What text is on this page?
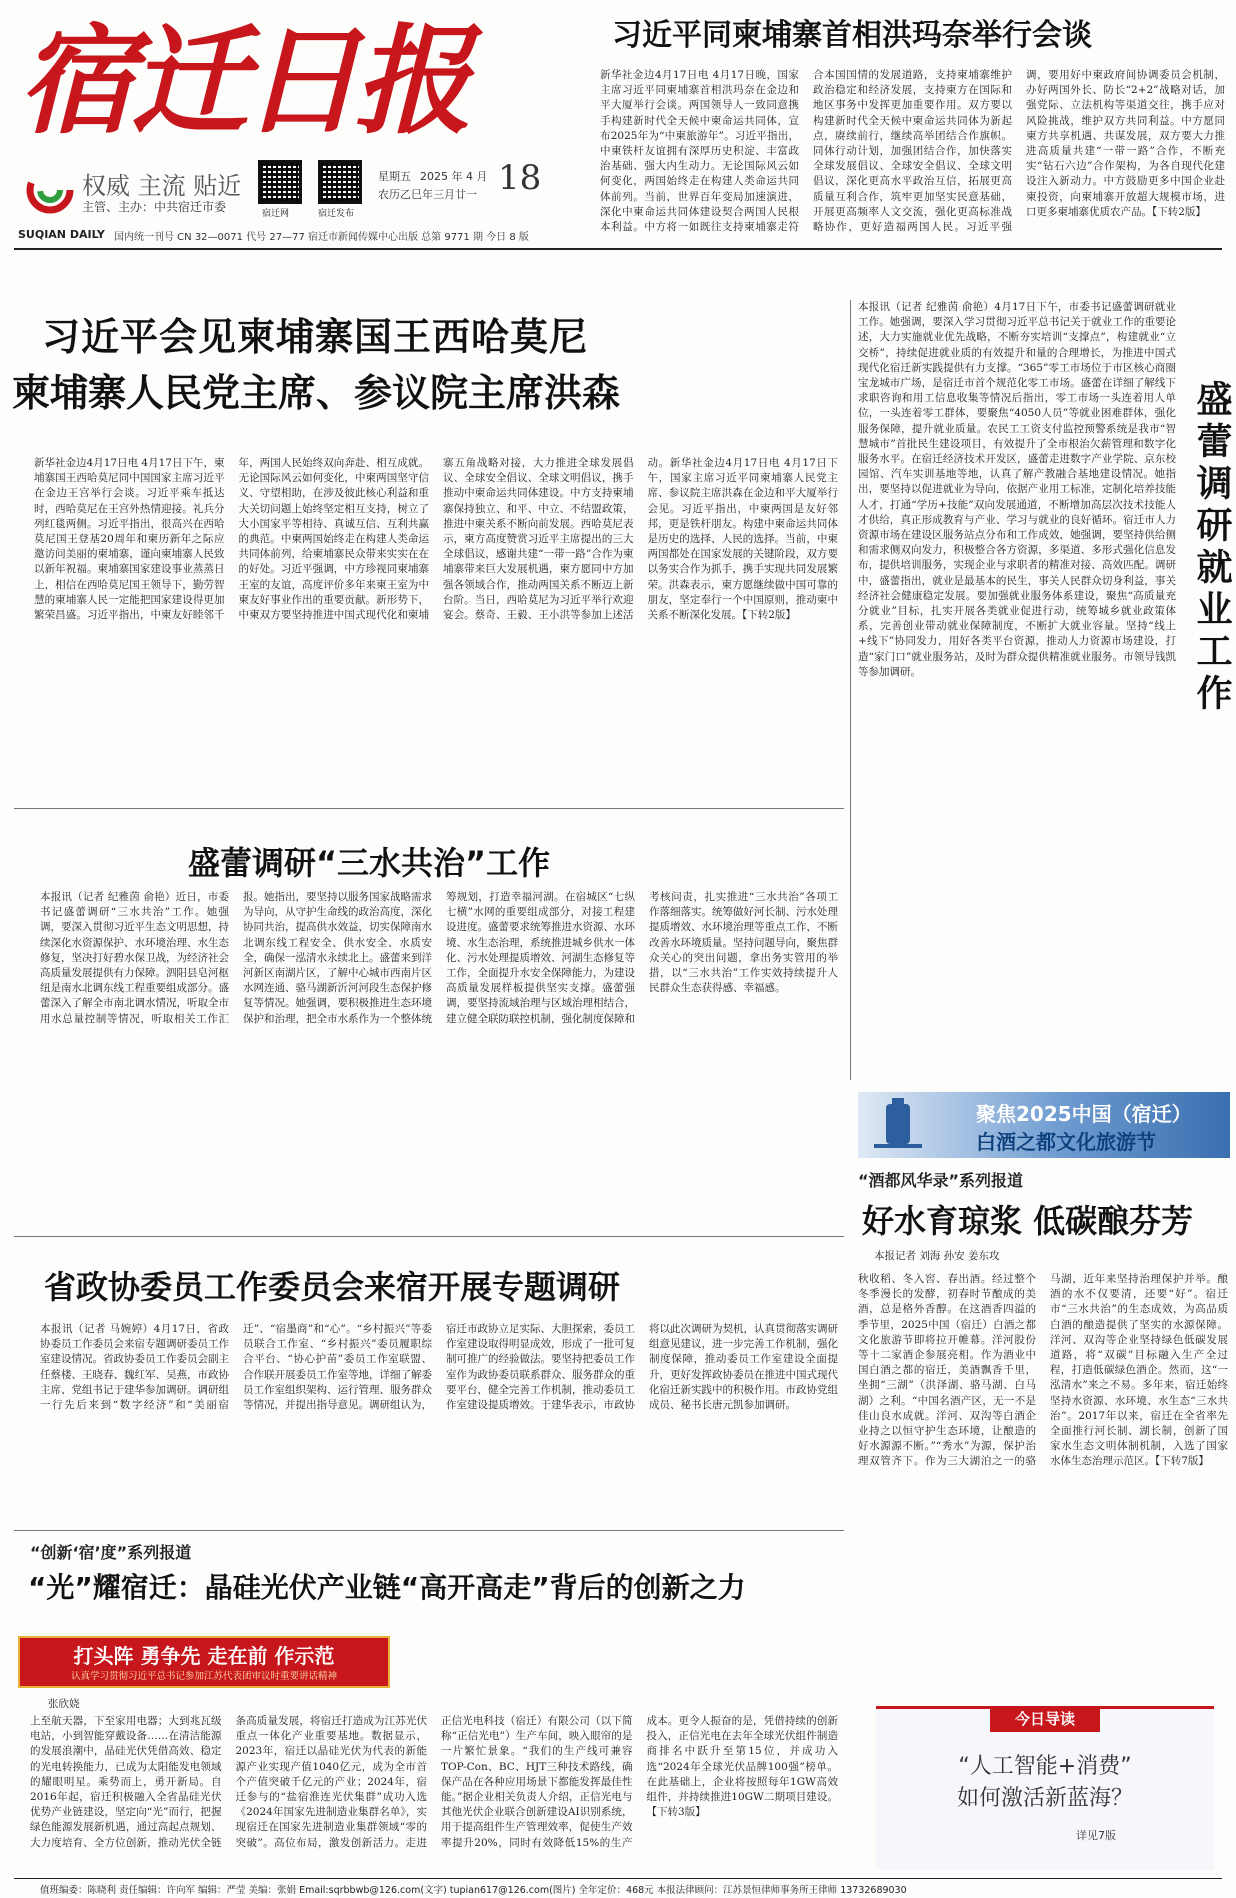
宿迁日报
权威 主流 贴近
主管、主办：中共宿迁市委	宿迁网	宿迁发布
星期五 2025 年 4 月
农历乙巳年三月廿一 18
SUQIAN DAILY 国内统一刊号 CN 32—0071 代号 27—77 宿迁市新闻传媒中心出版 总第 9771 期 今日 8 版
习近平同柬埔寨首相洪玛奈举行会谈
新华社金边4月17日电 4月17日晚，国家主席习近平同柬埔寨首相洪玛奈在金边和平大厦举行会谈。两国领导人一致同意携手构建新时代全天候中柬命运共同体，宣布2025年为“中柬旅游年”。习近平指出，中柬铁杆友谊拥有深厚历史积淀、丰富政治基础、强大内生动力。无论国际风云如何变化，两国始终走在构建人类命运共同体前列。当前，世界百年变局加速演进，深化中柬命运共同体建设契合两国人民根本利益。中方将一如既往支持柬埔寨走符合本国国情的发展道路，支持柬埔寨维护政治稳定和经济发展，支持柬方在国际和地区事务中发挥更加重要作用。双方要以构建新时代全天候中柬命运共同体为新起点，赓续前行，继续高举团结合作旗帜。同体行动计划，加强团结合作，加快落实全球发展倡议、全球安全倡议、全球文明倡议，深化更高水平政治互信，拓展更高质量互利合作，筑牢更加坚实民意基础，开展更高频率人文交流，强化更高标准战略协作，更好造福两国人民。习近平强调，要用好中柬政府间协调委员会机制，办好两国外长、防长“2+2”战略对话，加强党际、立法机构等渠道交往，携手应对风险挑战，维护双方共同利益。中方愿同柬方共享机遇、共谋发展，双方要大力推进高质量共建“一带一路”合作，不断充实“钻石六边”合作架构，为各自现代化建设注入新动力。中方鼓励更多中国企业赴柬投资，向柬埔寨开放超大规模市场，进口更多柬埔寨优质农产品。【下转2版】
习近平会见柬埔寨国王西哈莫尼
柬埔寨人民党主席、参议院主席洪森
新华社金边4月17日电 4月17日下午，柬埔寨国王西哈莫尼同中国国家主席习近平在金边王宫举行会谈。习近平乘车抵达时，西哈莫尼在王宫外热情迎接。礼兵分列红毯两侧。习近平指出，很高兴在西哈莫尼国王登基20周年和柬历新年之际应邀访问美丽的柬埔寨，谨向柬埔寨人民致以新年祝福。柬埔寨国家建设事业蒸蒸日上，相信在西哈莫尼国王领导下，勤劳智慧的柬埔寨人民一定能把国家建设得更加繁荣昌盛。习近平指出，中柬友好睦邻千年，两国人民始终双向奔赴、相互成就。无论国际风云如何变化，中柬两国坚守信义、守望相助，在涉及彼此核心利益和重大关切问题上始终坚定相互支持，树立了大小国家平等相待、真诚互信、互利共赢的典范。中柬两国始终走在构建人类命运共同体前列，给柬埔寨民众带来实实在在的好处。习近平强调，中方珍视同柬埔寨王室的友谊，高度评价多年来柬王室为中柬友好事业作出的重要贡献。新形势下，中柬双方要坚持推进中国式现代化和柬埔寨五角战略对接，大力推进全球发展倡议、全球安全倡议、全球文明倡议，携手推动中柬命运共同体建设。中方支持柬埔寨保持独立、和平、中立、不结盟政策，推进中柬关系不断向前发展。西哈莫尼表示，柬方高度赞赏习近平主席提出的三大全球倡议，感谢共建“一带一路”合作为柬埔寨带来巨大发展机遇，柬方愿同中方加强各领域合作，推动两国关系不断迈上新台阶。当日，西哈莫尼为习近平举行欢迎宴会。蔡奇、王毅、王小洪等参加上述活动。新华社金边4月17日电 4月17日下午，国家主席习近平同柬埔寨人民党主席、参议院主席洪森在金边和平大厦举行会见。习近平指出，中柬两国是友好邻邦，更是铁杆朋友。构建中柬命运共同体是历史的选择、人民的选择。当前，中柬两国都处在国家发展的关键阶段，双方要以务实合作为抓手，携手实现共同发展繁荣。洪森表示，柬方愿继续做中国可靠的朋友，坚定奉行一个中国原则，推动柬中关系不断深化发展。【下转2版】
本报讯（记者 纪雅茵 俞艳）4月17日下午，市委书记盛蕾调研就业工作。她强调，要深入学习贯彻习近平总书记关于就业工作的重要论述，大力实施就业优先战略，不断夯实培训“支撑点”，构建就业“立交桥”，持续促进就业质的有效提升和量的合理增长，为推进中国式现代化宿迁新实践提供有力支撑。“365”零工市场位于市区核心商圈宝龙城市广场，是宿迁市首个规范化零工市场。盛蕾在详细了解线下求职咨询和用工信息收集等情况后指出，零工市场一头连着用人单位，一头连着零工群体，要聚焦“4050人员”等就业困难群体，强化服务保障，提升就业质量。农民工工资支付监控预警系统是我市“智慧城市”首批民生建设项目，有效提升了全市根治欠薪管理和数字化服务水平。在宿迁经济技术开发区，盛蕾走进数字产业学院、京东校园馆、汽车实训基地等地，认真了解产教融合基地建设情况。她指出，要坚持以促进就业为导向，依据产业用工标准，定制化培养技能人才，打通“学历+技能”双向发展通道，不断增加高层次技术技能人才供给，真正形成教育与产业、学习与就业的良好循环。宿迁市人力资源市场在建设区服务站点分布和工作成效，她强调，要坚持供给侧和需求侧双向发力，积极整合各方资源，多渠道、多形式强化信息发布，提供培训服务，实现企业与求职者的精准对接、高效匹配。调研中，盛蕾指出，就业是最基本的民生，事关人民群众切身利益，事关经济社会健康稳定发展。要加强就业服务体系建设，聚焦“高质量充分就业”目标，扎实开展各类就业促进行动，统筹城乡就业政策体系，完善创业带动就业保障制度，不断扩大就业容量。坚持“线上+线下”协同发力，用好各类平台资源，推动人力资源市场建设，打造“家门口”就业服务站，及时为群众提供精准就业服务。市领导钱凯等参加调研。	盛蕾调研就业工作
盛蕾调研“三水共治”工作
本报讯（记者 纪雅茵 俞艳）近日，市委书记盛蕾调研“三水共治”工作。她强调，要深入贯彻习近平生态文明思想，持续深化水资源保护、水环境治理、水生态修复，坚决打好碧水保卫战，为经济社会高质量发展提供有力保障。泗阳县皂河枢纽是南水北调东线工程重要组成部分。盛蕾深入了解全市南北调水情况，听取全市用水总量控制等情况，听取相关工作汇报。她指出，要坚持以服务国家战略需求为导向，从守护生命线的政治高度，深化协同共治，提高供水效益，切实保障南水北调东线工程安全、供水安全、水质安全，确保一泓清水永续北上。盛蕾来到洋河新区南湖片区，了解中心城市西南片区水网连通、骆马湖新沂河河段生态保护修复等情况。她强调，要积极推进生态环境保护和治理，把全市水系作为一个整体统筹规划，打造幸福河湖。在宿城区“七纵七横”水网的重要组成部分，对接工程建设进度。盛蕾要求统筹推进水资源、水环境、水生态治理，系统推进城乡供水一体化、污水处理提质增效、河湖生态修复等工作，全面提升水安全保障能力，为建设高质量发展样板提供坚实支撑。盛蕾强调，要坚持流域治理与区域治理相结合，建立健全联防联控机制，强化制度保障和考核问责，扎实推进“三水共治”各项工作落细落实。统筹做好河长制、污水处理提质增效、水环境治理等重点工作，不断改善水环境质量。坚持问题导向，聚焦群众关心的突出问题，拿出务实管用的举措，以“三水共治”工作实效持续提升人民群众生态获得感、幸福感。
省政协委员工作委员会来宿开展专题调研
本报讯（记者 马婉婷）4月17日，省政协委员工作委员会来宿专题调研委员工作室建设情况。省政协委员工作委员会副主任蔡楼、王晓春、魏红军、吴燕，市政协主席、党组书记于建华参加调研。调研组一行先后来到“数字经济”和“美丽宿迁”、“宿墨商”和“心”。“乡村振兴”等委员联合工作室、“乡村振兴”委员履职综合平台、“协心护苗”委员工作室联盟、合作联开展委员工作室等地，详细了解委员工作室组织架构、运行管理、服务群众等情况，并提出指导意见。调研组认为，宿迁市政协立足实际、大胆探索，委员工作室建设取得明显成效，形成了一批可复制可推广的经验做法。要坚持把委员工作室作为政协委员联系群众、服务群众的重要平台，健全完善工作机制，推动委员工作室建设提质增效。于建华表示，市政协将以此次调研为契机，认真贯彻落实调研组意见建议，进一步完善工作机制，强化制度保障，推动委员工作室建设全面提升，更好发挥政协委员在推进中国式现代化宿迁新实践中的积极作用。市政协党组成员、秘书长唐元凯参加调研。
聚焦2025中国（宿迁）
白酒之都文化旅游节
“酒都风华录”系列报道
好水育琼浆 低碳酿芬芳
本报记者 刘海 孙安 姜东攻
秋收稻、冬入窖、春出酒。经过整个冬季漫长的发酵，初春时节酿成的美酒，总是格外香醇。在这酒香四溢的季节里，2025中国（宿迁）白酒之都文化旅游节即将拉开帷幕。洋河股份等十二家酒企参展亮相。作为酒业中国白酒之都的宿迁，美酒飘香千里，坐拥“三湖”（洪泽湖、骆马湖、白马湖）之利。“中国名酒产区，无一不是佳山良水成就。洋河、双沟等白酒企业持之以恒守护生态环境，让酿造的好水源源不断。”“秀水”为源，保护治理双管齐下。作为三大湖泊之一的骆马湖，近年来坚持治理保护并举。酿酒的水不仅要清，还要“好”。宿迁市“三水共治”的生态成效，为高品质白酒的酿造提供了坚实的水源保障。洋河、双沟等企业坚持绿色低碳发展道路，将“双碳”目标融入生产全过程，打造低碳绿色酒企。然而，这“一泓清水”来之不易。多年来，宿迁始终坚持水资源、水环境、水生态“三水共治”。2017年以来，宿迁在全省率先全面推行河长制、湖长制，创新了国家水生态文明体制机制，入选了国家水体生态治理示范区。【下转7版】
“创新‘宿’度”系列报道
“光”耀宿迁：晶硅光伏产业链“高开高走”背后的创新之力
打头阵 勇争先 走在前 作示范
认真学习贯彻习近平总书记参加江苏代表团审议时重要讲话精神
张欣娆
上至航天器，下至家用电器；大到兆瓦级电站，小到智能穿戴设备……在清洁能源的发展浪潮中，晶硅光伏凭借高效、稳定的光电转换能力，已成为太阳能发电领域的耀眼明星。乘势而上，勇开新局。自2016年起，宿迁积极融入全省晶硅光伏优势产业链建设，坚定向“光”而行，把握绿色能源发展新机遇，通过高起点规划、大力度培育、全方位创新，推动光伏全链条高质量发展，将宿迁打造成为江苏光伏重点一体化产业重要基地。数据显示，2023年，宿迁以晶硅光伏为代表的新能源产业实现产值1040亿元，成为全市首个产值突破千亿元的产业；2024年，宿迁参与的“盐宿淮连光伏集群”成功入选《2024年国家先进制造业集群名单》，实现宿迁在国家先进制造业集群领域“零的突破”。高位布局，激发创新活力。走进正信光电科技（宿迁）有限公司（以下简称“正信光电”）生产车间，映入眼帘的是一片繁忙景象。“我们的生产线可兼容TOP-Con、BC、HJT三种技术路线，确保产品在各种应用场景下都能发挥最佳性能。”据企业相关负责人介绍，正信光电与其他光伏企业联合创新建设AI识别系统，用于提高组件生产管理效率，促使生产效率提升20%，同时有效降低15%的生产成本。更令人振奋的是，凭借持续的创新投入，正信光电在去年全球光伏组件制造商排名中跃升至第15位，并成功入选“2024年全球光伏品牌100强”榜单。在此基础上，企业将按照每年1GW高效组件，并持续推进10GW二期项目建设。【下转3版】
今日导读
“人工智能+消费”
如何激活新蓝海？
详见7版
值班编委：陈晓利 责任编辑：许向军 编辑：严莹 美编：张娟 Email:sqrbbwb@126.com(文字) tupian617@126.com(图片) 全年定价：468元 本报法律顾问：江苏景恒律师事务所王律师 13732689030
